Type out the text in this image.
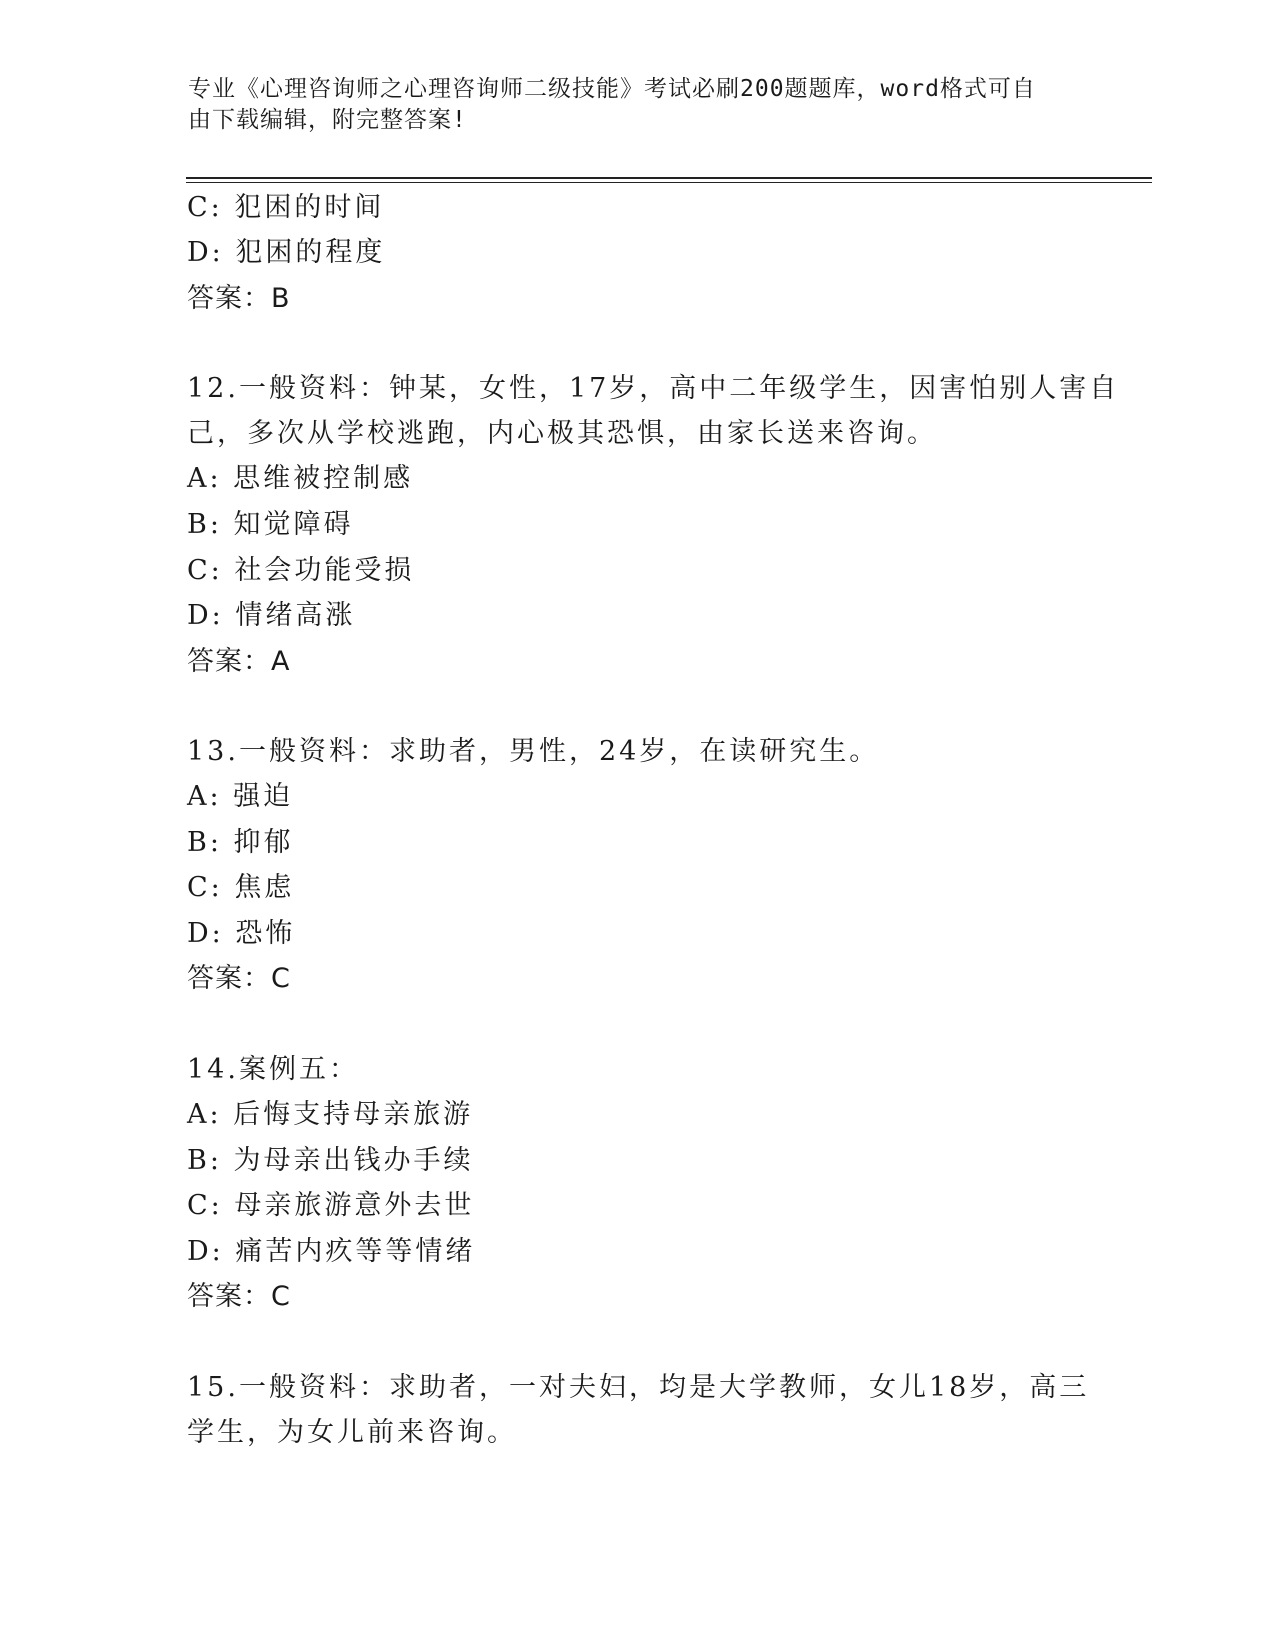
专业《心理咨询师之心理咨询师二级技能》考试必刷200题题库，word格式可自
由下载编辑，附完整答案!
C: 犯困的时间
D: 犯困的程度
答案：B
12.一般资料：钟某，女性，17岁，高中二年级学生，因害怕别人害自
己，多次从学校逃跑，内心极其恐惧，由家长送来咨询。
A: 思维被控制感
B: 知觉障碍
C: 社会功能受损
D: 情绪高涨
答案：A
13.一般资料：求助者，男性，24岁，在读研究生。
A: 强迫
B: 抑郁
C: 焦虑
D: 恐怖
答案：C
14.案例五：
A: 后悔支持母亲旅游
B: 为母亲出钱办手续
C: 母亲旅游意外去世
D: 痛苦内疚等等情绪
答案：C
15.一般资料：求助者，一对夫妇，均是大学教师，女儿18岁，高三
学生，为女儿前来咨询。
